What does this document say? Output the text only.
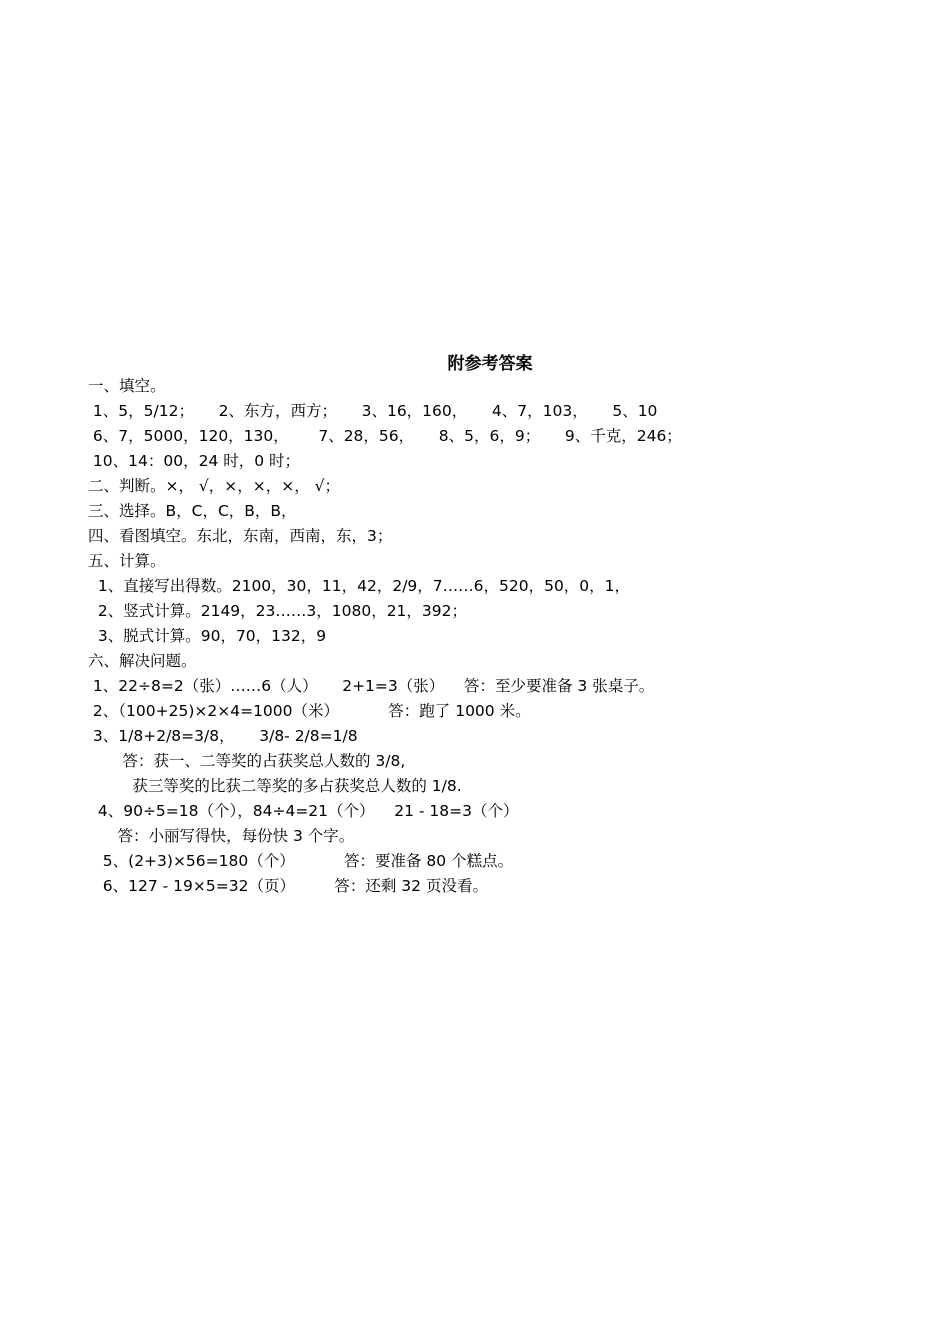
附参考答案
一、填空。
1、5，5/12；     2、东方，西方；     3、16，160，     4、7，103，     5、10
6、7，5000，120，130，      7、28，56，     8、5，6，9；     9、千克，246；
10、14：00，24 时，0 时；
二、判断。×， √，×，×，×， √；
三、选择。B，C，C，B，B，
四、看图填空。东北，东南，西南，东，3；
五、计算。
1、直接写出得数。2100，30，11，42，2/9，7……6，520，50，0，1，
2、竖式计算。2149，23……3，1080，21，392；
3、脱式计算。90，70，132，9
六、解决问题。
1、22÷8=2（张）……6（人）     2+1=3（张）    答：至少要准备 3 张桌子。
2、（100+25)×2×4=1000（米）          答：跑了 1000 米。
3、1/8+2/8=3/8，     3/8- 2/8=1/8
答：获一、二等奖的占获奖总人数的 3/8,
获三等奖的比获二等奖的多占获奖总人数的 1/8.
4、90÷5=18（个），84÷4=21（个）    21 - 18=3（个）
答：小丽写得快，每份快 3 个字。
5、(2+3)×56=180（个）          答：要准备 80 个糕点。
6、127 - 19×5=32（页）        答：还剩 32 页没看。
